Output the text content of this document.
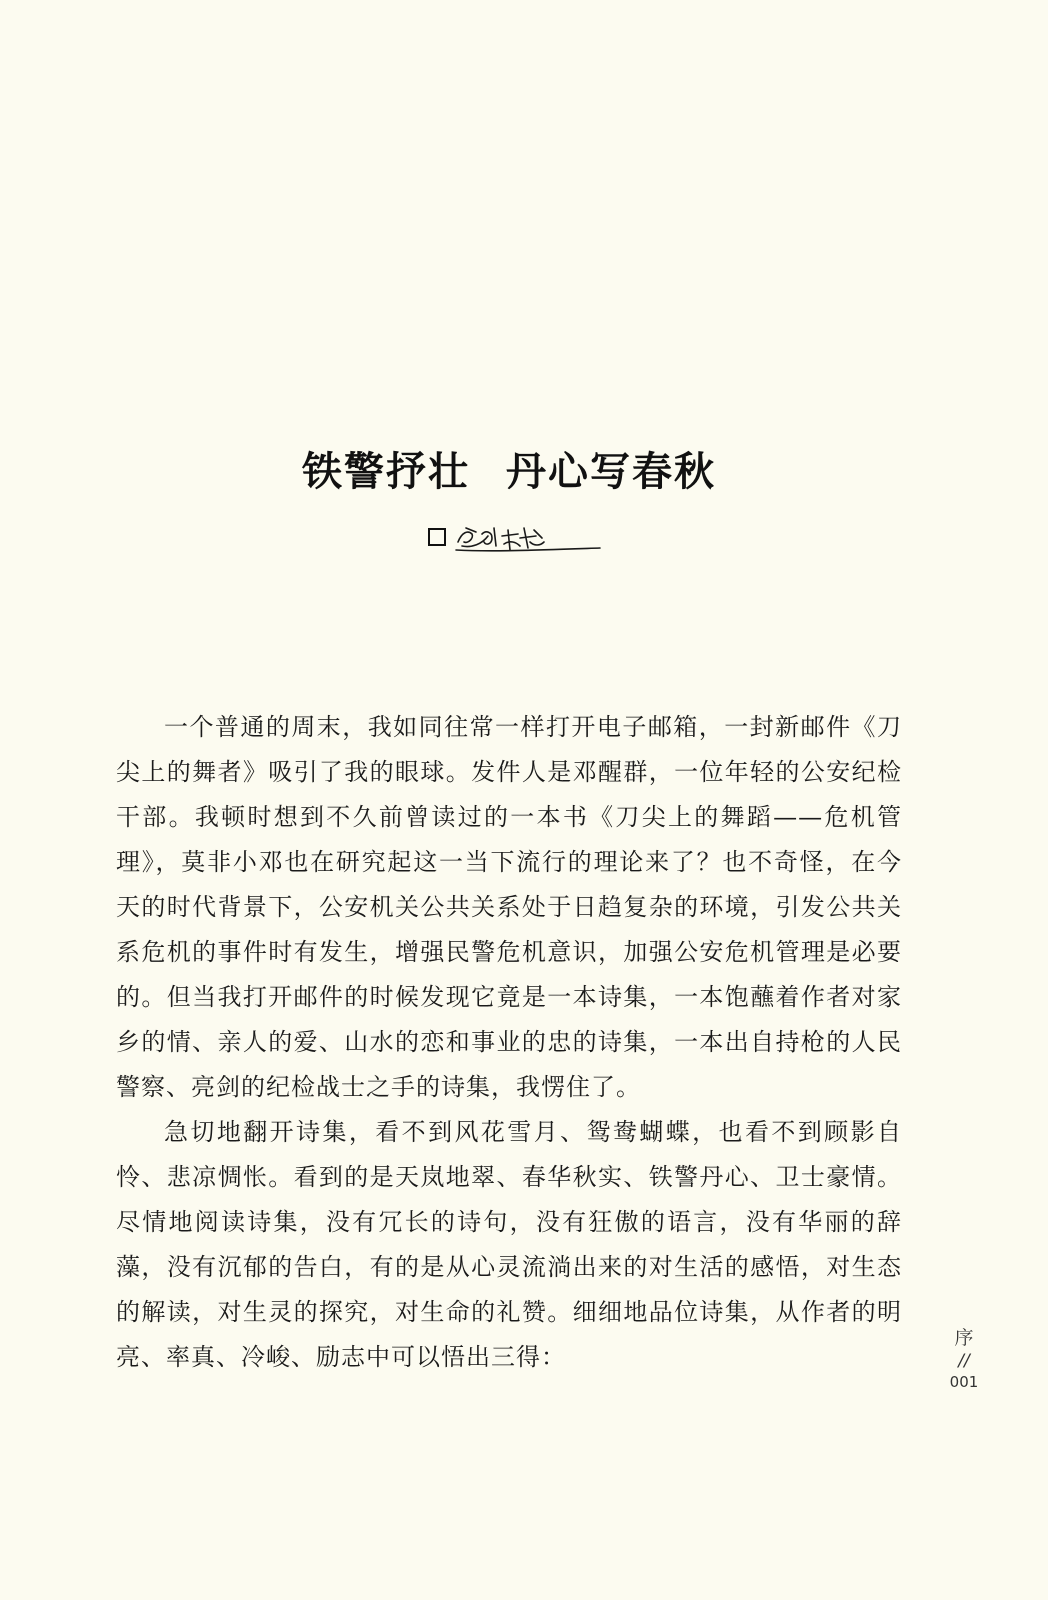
铁警抒壮 丹心写春秋

一个普通的周末，我如同往常一样打开电子邮箱，一封新邮件《刀尖上的舞者》吸引了我的眼球。发件人是邓醒群，一位年轻的公安纪检干部。我顿时想到不久前曾读过的一本书《刀尖上的舞蹈——危机管理》，莫非小邓也在研究起这一当下流行的理论来了？也不奇怪，在今天的时代背景下，公安机关公共关系处于日趋复杂的环境，引发公共关系危机的事件时有发生，增强民警危机意识，加强公安危机管理是必要的。但当我打开邮件的时候发现它竟是一本诗集，一本饱蘸着作者对家乡的情、亲人的爱、山水的恋和事业的忠的诗集，一本出自持枪的人民警察、亮剑的纪检战士之手的诗集，我愣住了。

急切地翻开诗集，看不到风花雪月、鸳鸯蝴蝶，也看不到顾影自怜、悲凉惆怅。看到的是天岚地翠、春华秋实、铁警丹心、卫士豪情。尽情地阅读诗集，没有冗长的诗句，没有狂傲的语言，没有华丽的辞藻，没有沉郁的告白，有的是从心灵流淌出来的对生活的感悟，对生态的解读，对生灵的探究，对生命的礼赞。细细地品位诗集，从作者的明亮、率真、冷峻、励志中可以悟出三得：

序
//
001
